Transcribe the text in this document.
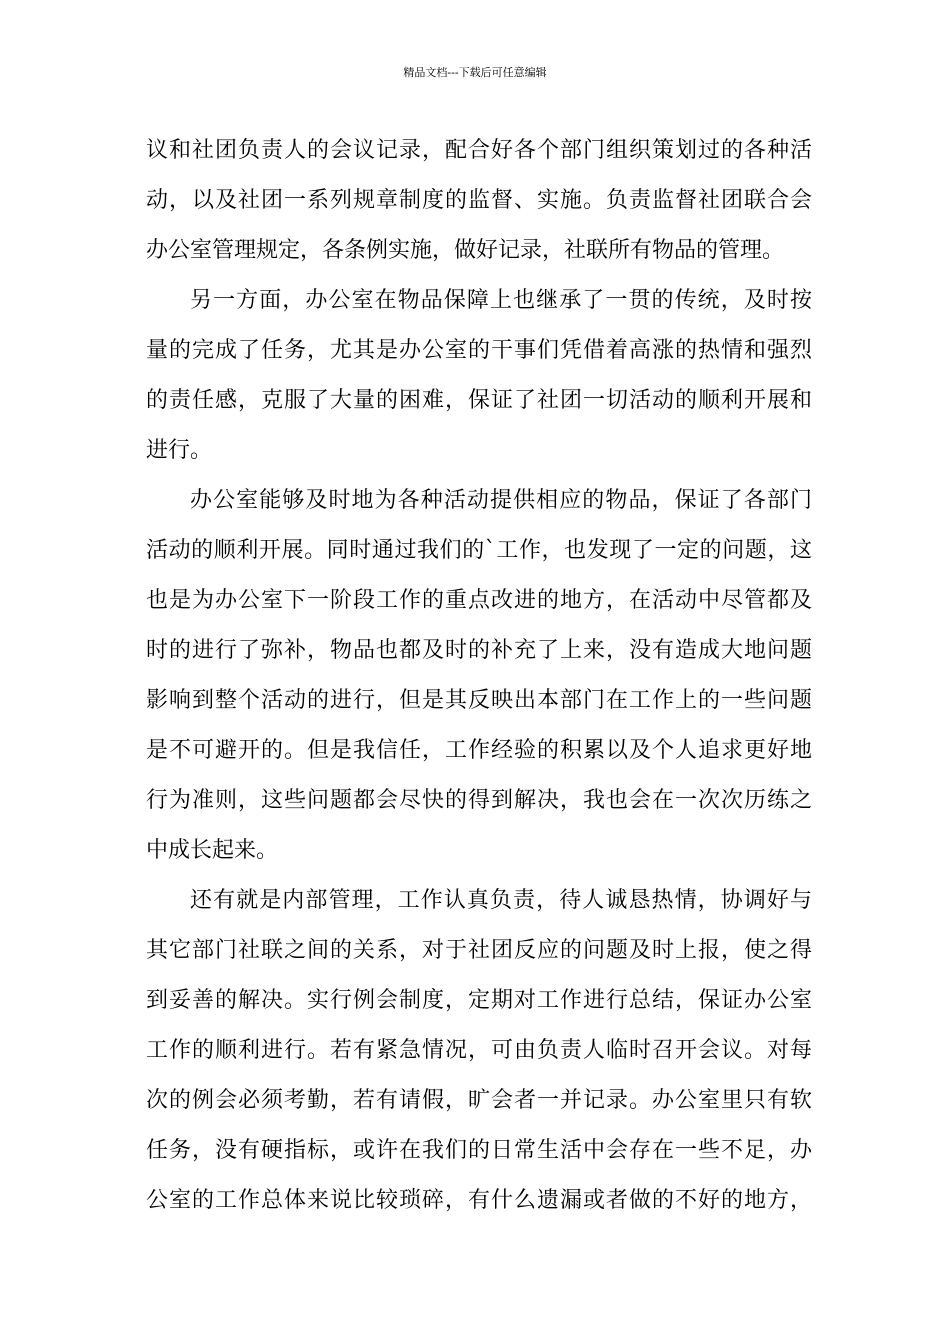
精品文档---下载后可任意编辑
议和社团负责人的会议记录，配合好各个部门组织策划过的各种活
动，以及社团一系列规章制度的监督、实施。负责监督社团联合会
办公室管理规定，各条例实施，做好记录，社联所有物品的管理。
另一方面，办公室在物品保障上也继承了一贯的传统，及时按
量的完成了任务，尤其是办公室的干事们凭借着高涨的热情和强烈
的责任感，克服了大量的困难，保证了社团一切活动的顺利开展和
进行。
办公室能够及时地为各种活动提供相应的物品，保证了各部门
活动的顺利开展。同时通过我们的`工作，也发现了一定的问题，这
也是为办公室下一阶段工作的重点改进的地方，在活动中尽管都及
时的进行了弥补，物品也都及时的补充了上来，没有造成大地问题
影响到整个活动的进行，但是其反映出本部门在工作上的一些问题
是不可避开的。但是我信任，工作经验的积累以及个人追求更好地
行为准则，这些问题都会尽快的得到解决，我也会在一次次历练之
中成长起来。
还有就是内部管理，工作认真负责，待人诚恳热情，协调好与
其它部门社联之间的关系，对于社团反应的问题及时上报，使之得
到妥善的解决。实行例会制度，定期对工作进行总结，保证办公室
工作的顺利进行。若有紧急情况，可由负责人临时召开会议。对每
次的例会必须考勤，若有请假，旷会者一并记录。办公室里只有软
任务，没有硬指标，或许在我们的日常生活中会存在一些不足，办
公室的工作总体来说比较琐碎，有什么遗漏或者做的不好的地方，
